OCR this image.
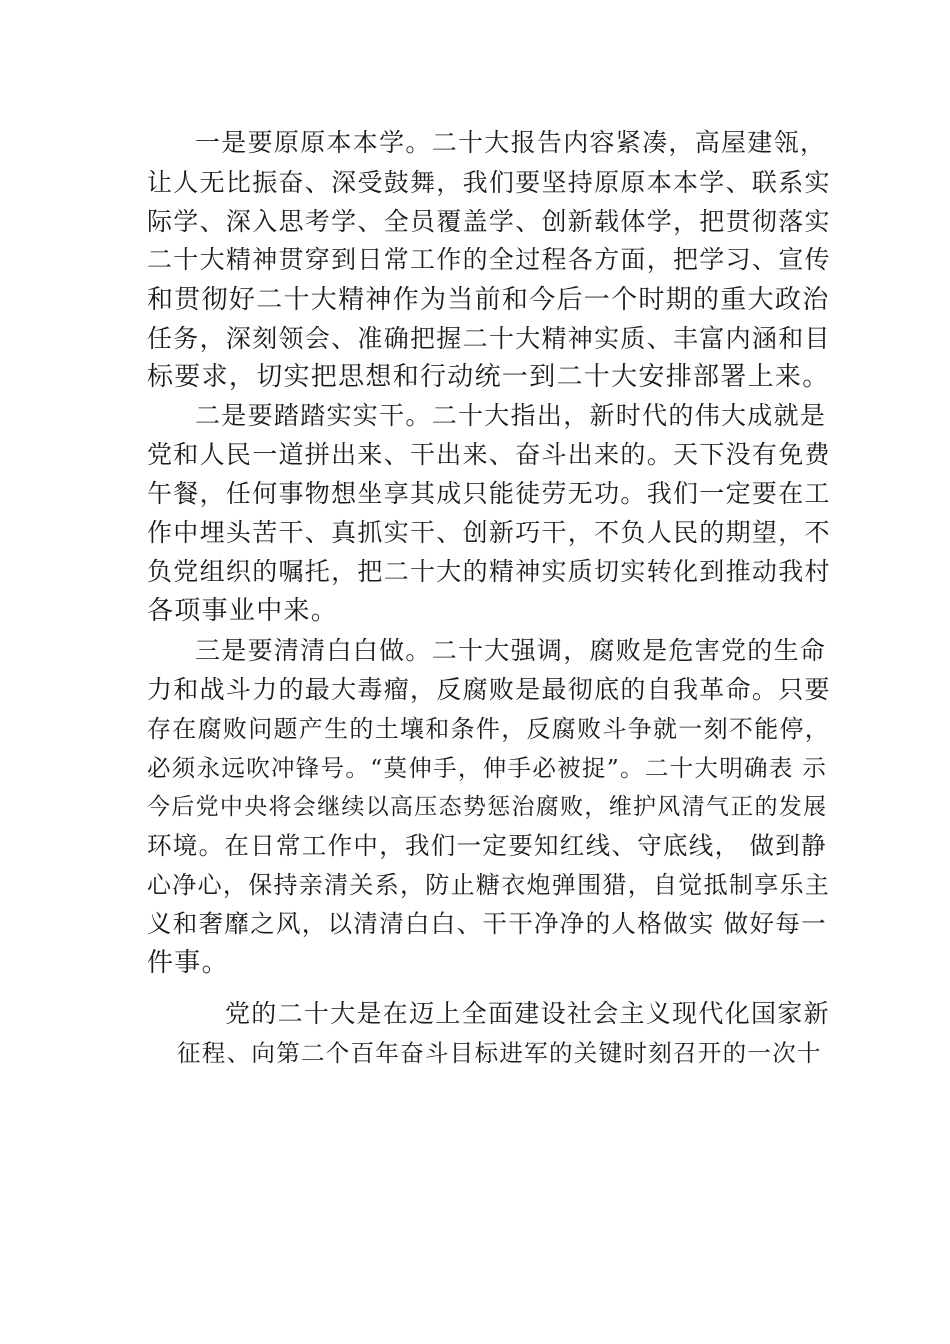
一是要原原本本学。二十大报告内容紧凑，高屋建瓴，

让人无比振奋、深受鼓舞，我们要坚持原原本本学、联系实

际学、深入思考学、全员覆盖学、创新载体学，把贯彻落实

二十大精神贯穿到日常工作的全过程各方面，把学习、宣传

和贯彻好二十大精神作为当前和今后一个时期的重大政治

任务，深刻领会、准确把握二十大精神实质、丰富内涵和目

标要求，切实把思想和行动统一到二十大安排部署上来。

二是要踏踏实实干。二十大指出，新时代的伟大成就是

党和人民一道拼出来、干出来、奋斗出来的。天下没有免费

午餐，任何事物想坐享其成只能徒劳无功。我们一定要在工

作中埋头苦干、真抓实干、创新巧干，不负人民的期望，不

负党组织的嘱托，把二十大的精神实质切实转化到推动我村

各项事业中来。

三是要清清白白做。二十大强调，腐败是危害党的生命

力和战斗力的最大毒瘤，反腐败是最彻底的自我革命。只要

存在腐败问题产生的土壤和条件，反腐败斗争就一刻不能停，

必须永远吹冲锋号。“莫伸手，伸手必被捉”。二十大明确表 示

今后党中央将会继续以高压态势惩治腐败，维护风清气正的发展

环境。在日常工作中，我们一定要知红线、守底线， 做到静

心净心，保持亲清关系，防止糖衣炮弹围猎，自觉抵制享乐主

义和奢靡之风，以清清白白、干干净净的人格做实 做好每一

件事。

党的二十大是在迈上全面建设社会主义现代化国家新

征程、向第二个百年奋斗目标进军的关键时刻召开的一次十
